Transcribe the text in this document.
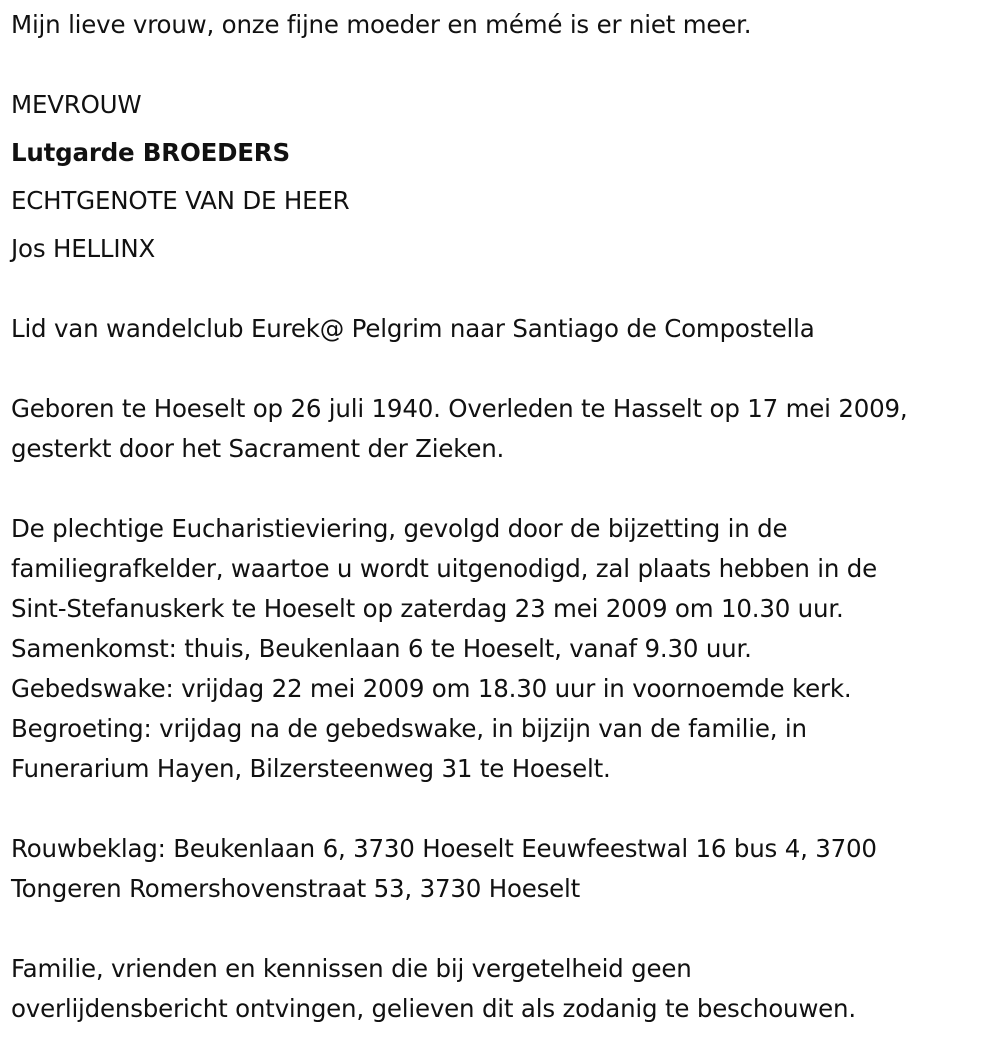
Mijn lieve vrouw, onze fijne moeder en mémé is er niet meer.
MEVROUW
Lutgarde BROEDERS
ECHTGENOTE VAN DE HEER
Jos HELLINX
Lid van wandelclub Eurek@ Pelgrim naar Santiago de Compostella
Geboren te Hoeselt op 26 juli 1940. Overleden te Hasselt op 17 mei 2009,
gesterkt door het Sacrament der Zieken.
De plechtige Eucharistieviering, gevolgd door de bijzetting in de
familiegrafkelder, waartoe u wordt uitgenodigd, zal plaats hebben in de
Sint-Stefanuskerk te Hoeselt op zaterdag 23 mei 2009 om 10.30 uur.
Samenkomst: thuis, Beukenlaan 6 te Hoeselt, vanaf 9.30 uur.
Gebedswake: vrijdag 22 mei 2009 om 18.30 uur in voornoemde kerk.
Begroeting: vrijdag na de gebedswake, in bijzijn van de familie, in
Funerarium Hayen, Bilzersteenweg 31 te Hoeselt.
Rouwbeklag: Beukenlaan 6, 3730 Hoeselt Eeuwfeestwal 16 bus 4, 3700
Tongeren Romershovenstraat 53, 3730 Hoeselt
Familie, vrienden en kennissen die bij vergetelheid geen
overlijdensbericht ontvingen, gelieven dit als zodanig te beschouwen.
